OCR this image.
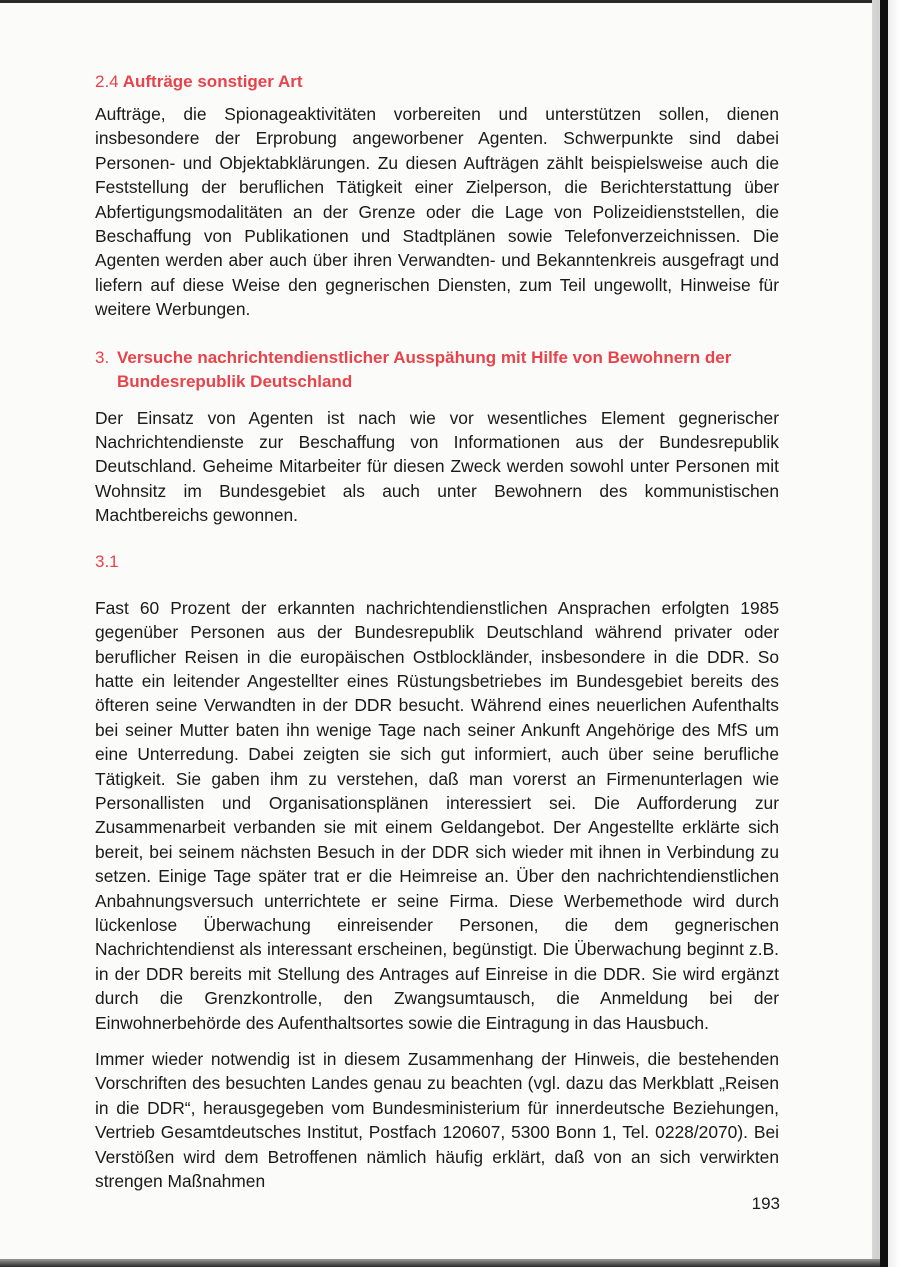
2.4 Aufträge sonstiger Art

Aufträge, die Spionageaktivitäten vorbereiten und unterstützen sollen, dienen insbesondere der Erprobung angeworbener Agenten. Schwerpunkte sind dabei Personen- und Objektabklärungen. Zu diesen Aufträgen zählt beispielsweise auch die Feststellung der beruflichen Tätigkeit einer Zielperson, die Berichterstattung über Abfertigungsmodalitäten an der Grenze oder die Lage von Polizeidienststellen, die Beschaffung von Publikationen und Stadtplänen sowie Telefonverzeichnissen. Die Agenten werden aber auch über ihren Verwandten- und Bekanntenkreis ausgefragt und liefern auf diese Weise den gegnerischen Diensten, zum Teil ungewollt, Hinweise für weitere Werbungen.

3. Versuche nachrichtendienstlicher Ausspähung mit Hilfe von Bewohnern der Bundesrepublik Deutschland

Der Einsatz von Agenten ist nach wie vor wesentliches Element gegnerischer Nachrichtendienste zur Beschaffung von Informationen aus der Bundesrepublik Deutschland. Geheime Mitarbeiter für diesen Zweck werden sowohl unter Personen mit Wohnsitz im Bundesgebiet als auch unter Bewohnern des kommunistischen Machtbereichs gewonnen.

3.1

Fast 60 Prozent der erkannten nachrichtendienstlichen Ansprachen erfolgten 1985 gegenüber Personen aus der Bundesrepublik Deutschland während privater oder beruflicher Reisen in die europäischen Ostblockländer, insbesondere in die DDR. So hatte ein leitender Angestellter eines Rüstungsbetriebes im Bundesgebiet bereits des öfteren seine Verwandten in der DDR besucht. Während eines neuerlichen Aufenthalts bei seiner Mutter baten ihn wenige Tage nach seiner Ankunft Angehörige des MfS um eine Unterredung. Dabei zeigten sie sich gut informiert, auch über seine berufliche Tätigkeit. Sie gaben ihm zu verstehen, daß man vorerst an Firmenunterlagen wie Personallisten und Organisationsplänen interessiert sei. Die Aufforderung zur Zusammenarbeit verbanden sie mit einem Geldangebot. Der Angestellte erklärte sich bereit, bei seinem nächsten Besuch in der DDR sich wieder mit ihnen in Verbindung zu setzen. Einige Tage später trat er die Heimreise an. Über den nachrichtendienstlichen Anbahnungsversuch unterrichtete er seine Firma. Diese Werbemethode wird durch lückenlose Überwachung einreisender Personen, die dem gegnerischen Nachrichtendienst als interessant erscheinen, begünstigt. Die Überwachung beginnt z.B. in der DDR bereits mit Stellung des Antrages auf Einreise in die DDR. Sie wird ergänzt durch die Grenzkontrolle, den Zwangsumtausch, die Anmeldung bei der Einwohnerbehörde des Aufenthaltsortes sowie die Eintragung in das Hausbuch.

Immer wieder notwendig ist in diesem Zusammenhang der Hinweis, die bestehenden Vorschriften des besuchten Landes genau zu beachten (vgl. dazu das Merkblatt „Reisen in die DDR“, herausgegeben vom Bundesministerium für innerdeutsche Beziehungen, Vertrieb Gesamtdeutsches Institut, Postfach 120607, 5300 Bonn 1, Tel. 0228/2070). Bei Verstößen wird dem Betroffenen nämlich häufig erklärt, daß von an sich verwirkten strengen Maßnahmen

193
